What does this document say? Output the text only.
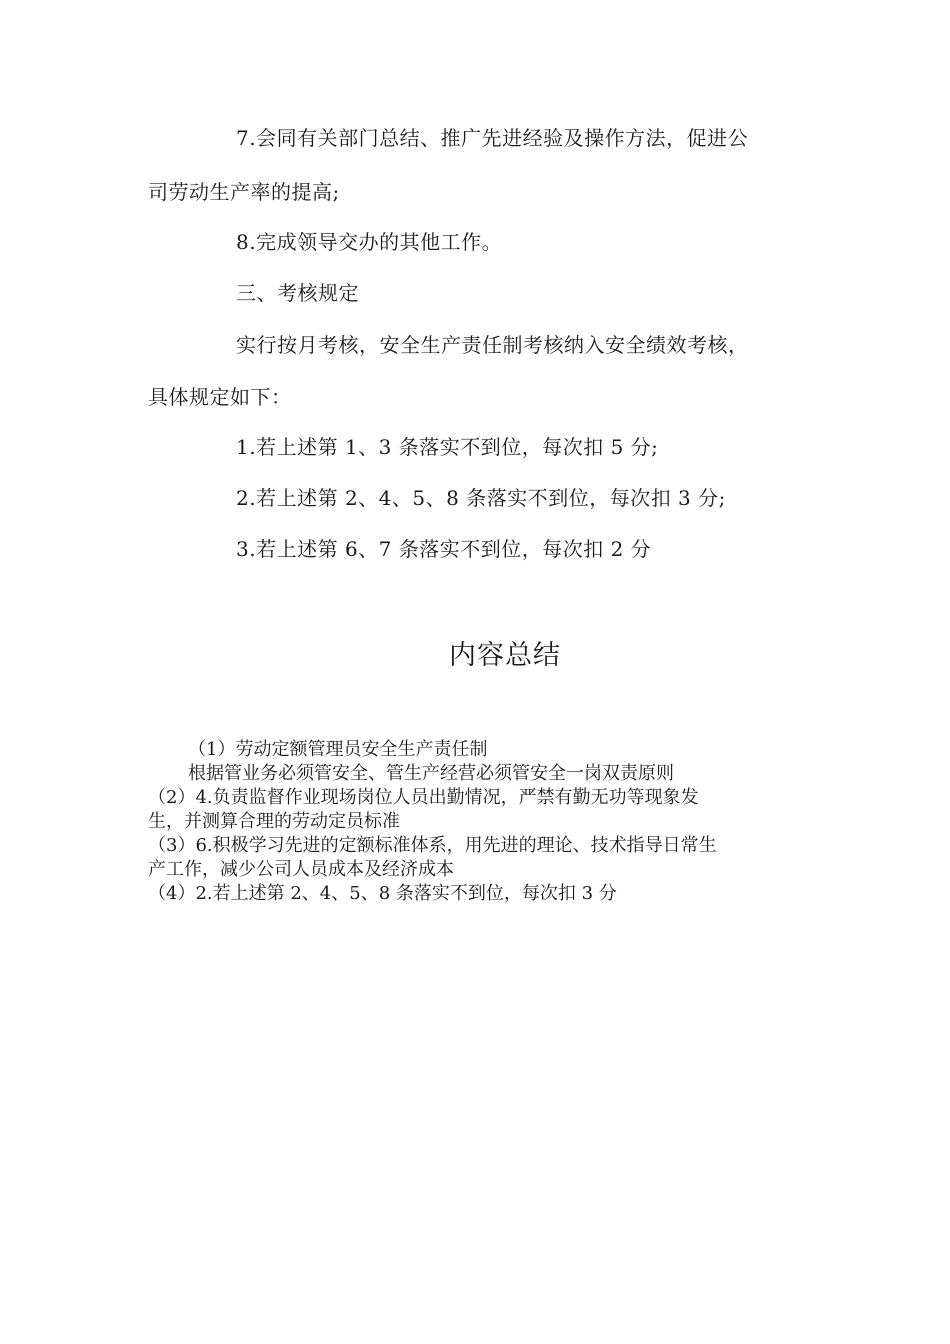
7.会同有关部门总结、推广先进经验及操作方法，促进公
司劳动生产率的提高;
8.完成领导交办的其他工作。
三、考核规定
实行按月考核，安全生产责任制考核纳入安全绩效考核，
具体规定如下：
1.若上述第 1、3 条落实不到位，每次扣 5 分;
2.若上述第 2、4、5、8 条落实不到位，每次扣 3 分;
3.若上述第 6、7 条落实不到位，每次扣 2 分
内容总结
（1）劳动定额管理员安全生产责任制
根据管业务必须管安全、管生产经营必须管安全一岗双责原则
（2）4.负责监督作业现场岗位人员出勤情况，严禁有勤无功等现象发
生，并测算合理的劳动定员标准
（3）6.积极学习先进的定额标准体系，用先进的理论、技术指导日常生
产工作，减少公司人员成本及经济成本
（4）2.若上述第 2、4、5、8 条落实不到位，每次扣 3 分
